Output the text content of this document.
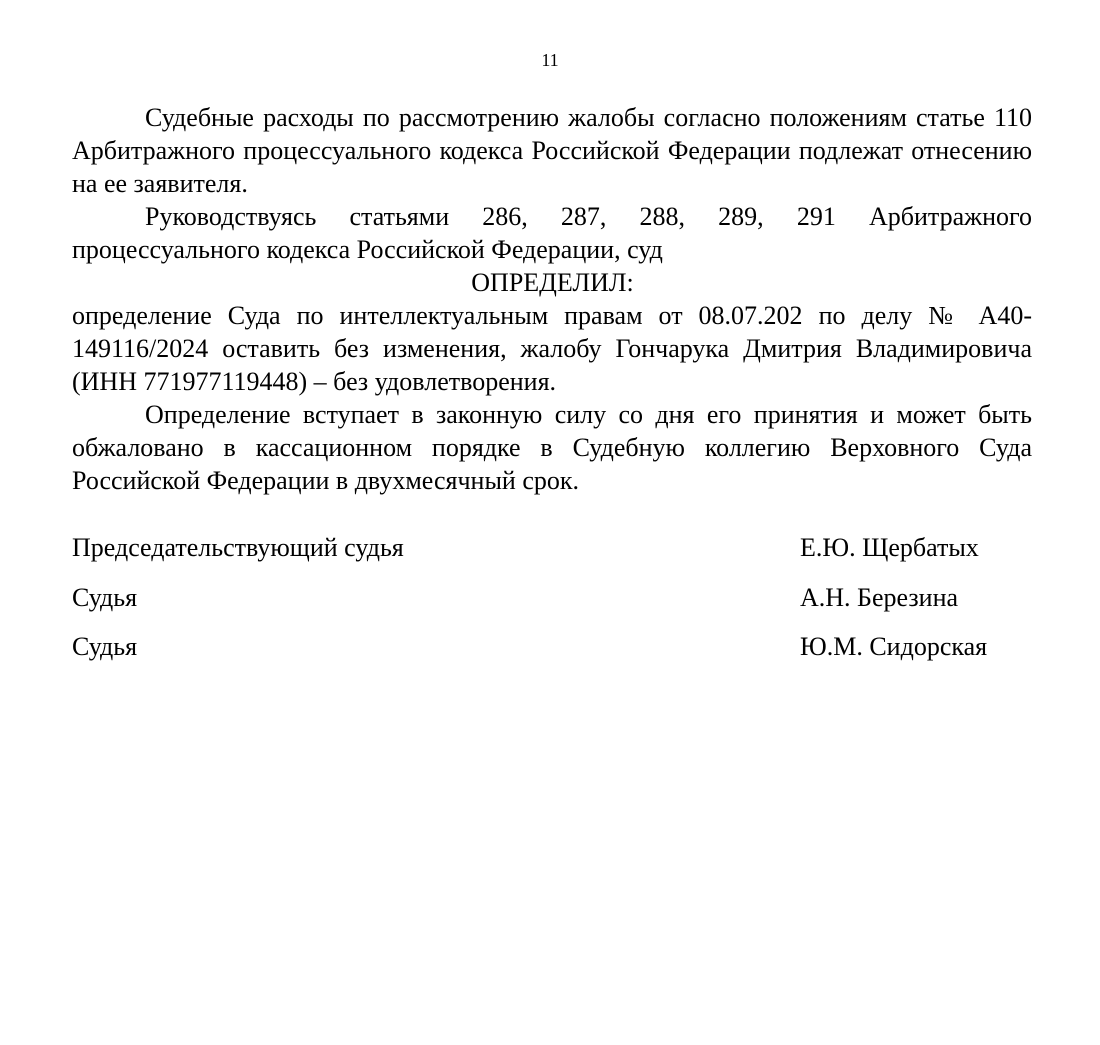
11

Судебные расходы по рассмотрению жалобы согласно положениям статье 110 Арбитражного процессуального кодекса Российской Федерации подлежат отнесению на ее заявителя.

Руководствуясь статьями 286, 287, 288, 289, 291 Арбитражного процессуального кодекса Российской Федерации, суд

ОПРЕДЕЛИЛ:

определение Суда по интеллектуальным правам от 08.07.202 по делу № А40-149116/2024 оставить без изменения, жалобу Гончарука Дмитрия Владимировича (ИНН 771977119448) – без удовлетворения.

Определение вступает в законную силу со дня его принятия и может быть обжаловано в кассационном порядке в Судебную коллегию Верховного Суда Российской Федерации в двухмесячный срок.

Председательствующий судья	Е.Ю. Щербатых
Судья	А.Н. Березина
Судья	Ю.М. Сидорская
